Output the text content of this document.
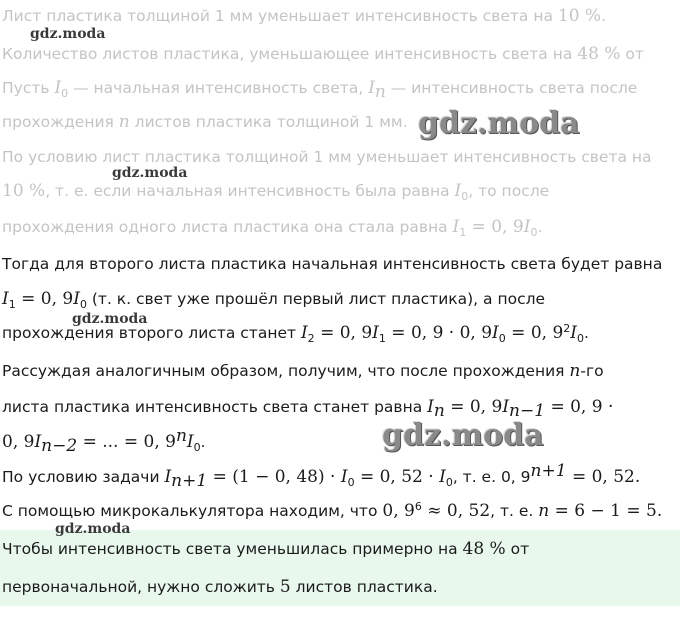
Лист пластика толщиной 1 мм уменьшает интенсивность света на 10 %.
Количество листов пластика, уменьшающее интенсивность света на 48 % от
Пусть $I_0$ — начальная интенсивность света, $I_n$ — интенсивность света после
прохождения n листов пластика толщиной 1 мм.
По условию лист пластика толщиной 1 мм уменьшает интенсивность света на
10 %, т. е. если начальная интенсивность была равна $I_0$, то после
прохождения одного листа пластика она стала равна $I_1 = 0$, $9I_0$.
Тогда для второго листа пластика начальная интенсивность света будет равна
$I_1 = 0$, $9I_0$ (т. к. свет уже прошёл первый лист пластика), а после
прохождения второго листа станет $I_2 = 0$, $9I_1 = 0$, 9 · 0, $9I_0 = 0$, $9^2I_0$.
Рассуждая аналогичным образом, получим, что после прохождения n-го
листа пластика интенсивность света станет равна $I_n = 0$, $9I_{n-1} = 0$, 9 ·
0, $9I_{n-2}$ = ... = 0, $9^nI_0$.
По условию задачи $I_{n+1} = (1 - 0$, $48) \cdot I_0 = 0$, $52 \cdot I_0$, т. е. 0, $9^{n+1} = 0$, 52.
С помощью микрокалькулятора находим, что 0, $9^6 \approx 0$, 52, т. е. n = 6 − 1 = 5.
Чтобы интенсивность света уменьшилась примерно на 48 % от
первоначальной, нужно сложить 5 листов пластика.
gdz.moda
gdz.moda
gdz.moda
gdz.moda
gdz.moda
gdz.moda
